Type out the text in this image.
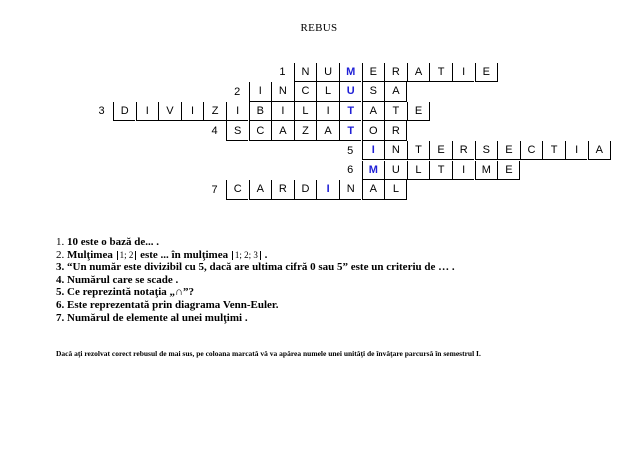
REBUS
1	N	U	M	E	R	A	T	I	E
2	I	N	C	L	U	S	A
3	D	I	V	I	Z	I	B	I	L	I	T	A	T	E
4	S	C	A	Z	A	T	O	R
5	I	N	T	E	R	S	E	C	T	I	A
6	M	U	L	T	I	M	E
7	C	A	R	D	I	N	A	L
1. 10 este o bază de... .
2. Mulţimea 1; 2 este ... în mulţimea 1; 2; 3 .
3. “Un număr este divizibil cu 5, dacă are ultima cifră 0 sau 5” este un criteriu de … .
4. Numărul care se scade .
5. Ce reprezintă notaţia „∩”?
6. Este reprezentată prin diagrama Venn-Euler.
7. Numărul de elemente al unei mulţimi .
Dacă aţi rezolvat corect rebusul de mai sus, pe coloana marcată vă va apărea numele unei unităţi de învăţare parcursă în semestrul I.
